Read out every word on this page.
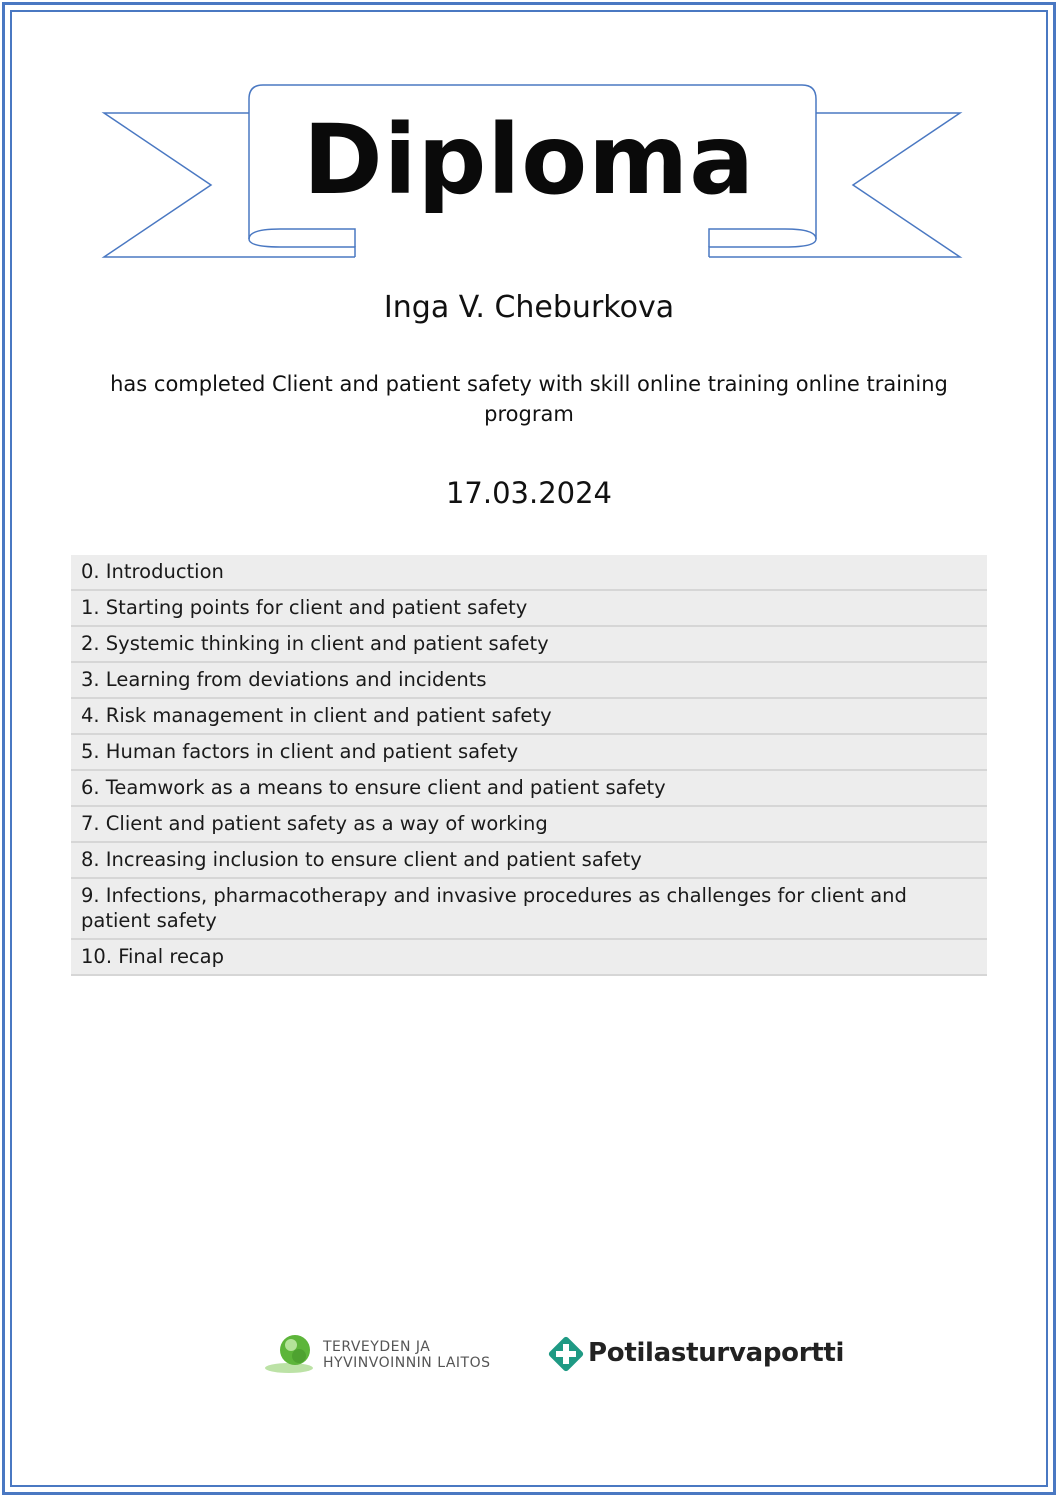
Diploma
Inga V. Cheburkova
has completed Client and patient safety with skill online training online training program
17.03.2024
0. Introduction
1. Starting points for client and patient safety
2. Systemic thinking in client and patient safety
3. Learning from deviations and incidents
4. Risk management in client and patient safety
5. Human factors in client and patient safety
6. Teamwork as a means to ensure client and patient safety
7. Client and patient safety as a way of working
8. Increasing inclusion to ensure client and patient safety
9. Infections, pharmacotherapy and invasive procedures as challenges for client and patient safety
10. Final recap
TERVEYDEN JA
HYVINVOINNIN LAITOS	Potilasturvaportti
